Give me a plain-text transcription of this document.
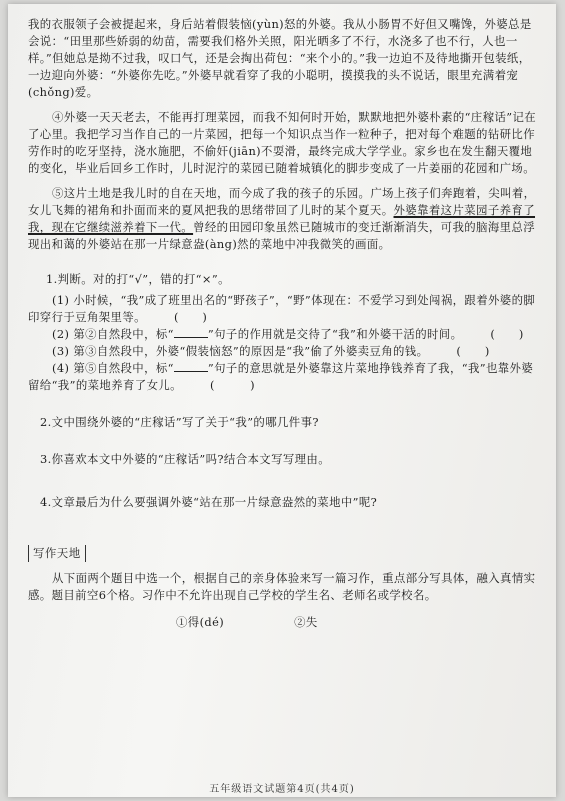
我的衣服领子会被提起来，身后站着假装恼(yùn)怒的外婆。我从小肠胃不好但又嘴馋，外婆总是会说：“田里那些娇弱的幼苗，需要我们格外关照，阳光晒多了不行，水浇多了也不行，人也一样。”但她总是拗不过我，叹口气，还是会掏出荷包：“来个小的。”我一边迫不及待地撕开包装纸，一边迎向外婆：“外婆你先吃。”外婆早就看穿了我的小聪明，摸摸我的头不说话，眼里充满着宠(chǒng)爱。

④外婆一天天老去，不能再打理菜园，而我不知何时开始，默默地把外婆朴素的“庄稼话”记在了心里。我把学习当作自己的一片菜园，把每一个知识点当作一粒种子，把对每个难题的钻研比作劳作时的吃牙坚持，浇水施肥，不偷奸(jiān)不耍滑，最终完成大学学业。家乡也在发生翻天覆地的变化，毕业后回乡工作时，儿时泥泞的菜园已随着城镇化的脚步变成了一片姜丽的花园和广场。

⑤这片土地是我儿时的自在天地，而今成了我的孩子的乐园。广场上孩子们奔跑着，尖叫着，女儿飞舞的裙角和扑面而来的夏风把我的思绪带回了儿时的某个夏天。外婆靠着这片菜园子养育了我，现在它继续滋养着下一代。曾经的田园印象虽然已随城市的变迁渐渐消失，可我的脑海里总浮现出和蔼的外婆站在那一片绿意盎(àng)然的菜地中冲我微笑的画面。

1.判断。对的打“√”，错的打“×”。

(1) 小时候，“我”成了班里出名的“野孩子”，“野”体现在：不爱学习到处闯祸，跟着外婆的脚印穿行于豆角架里等。 (　　)

(2) 第②自然段中，标“	”句子的作用就是交待了“我”和外婆干活的时间。 (　　)

(3) 第③自然段中，外婆“假装恼怒”的原因是“我”偷了外婆卖豆角的钱。 (　　)

(4) 第⑤自然段中，标“	”句子的意思就是外婆靠这片菜地挣钱养育了我，“我”也靠外婆留给“我”的菜地养育了女儿。 (　　　)

2.文中围绕外婆的“庄稼话”写了关于“我”的哪几件事?

3.你喜欢本文中外婆的“庄稼话”吗?结合本文写写理由。

4.文章最后为什么要强调外婆“站在那一片绿意盎然的菜地中”呢?

写作天地

从下面两个题目中选一个，根据自己的亲身体验来写一篇习作，重点部分写具体，融入真情实感。题目前空6个格。习作中不允许出现自己学校的学生名、老师名或学校名。

①得(dé)	②失
五年级语文试题第4页(共4页)
